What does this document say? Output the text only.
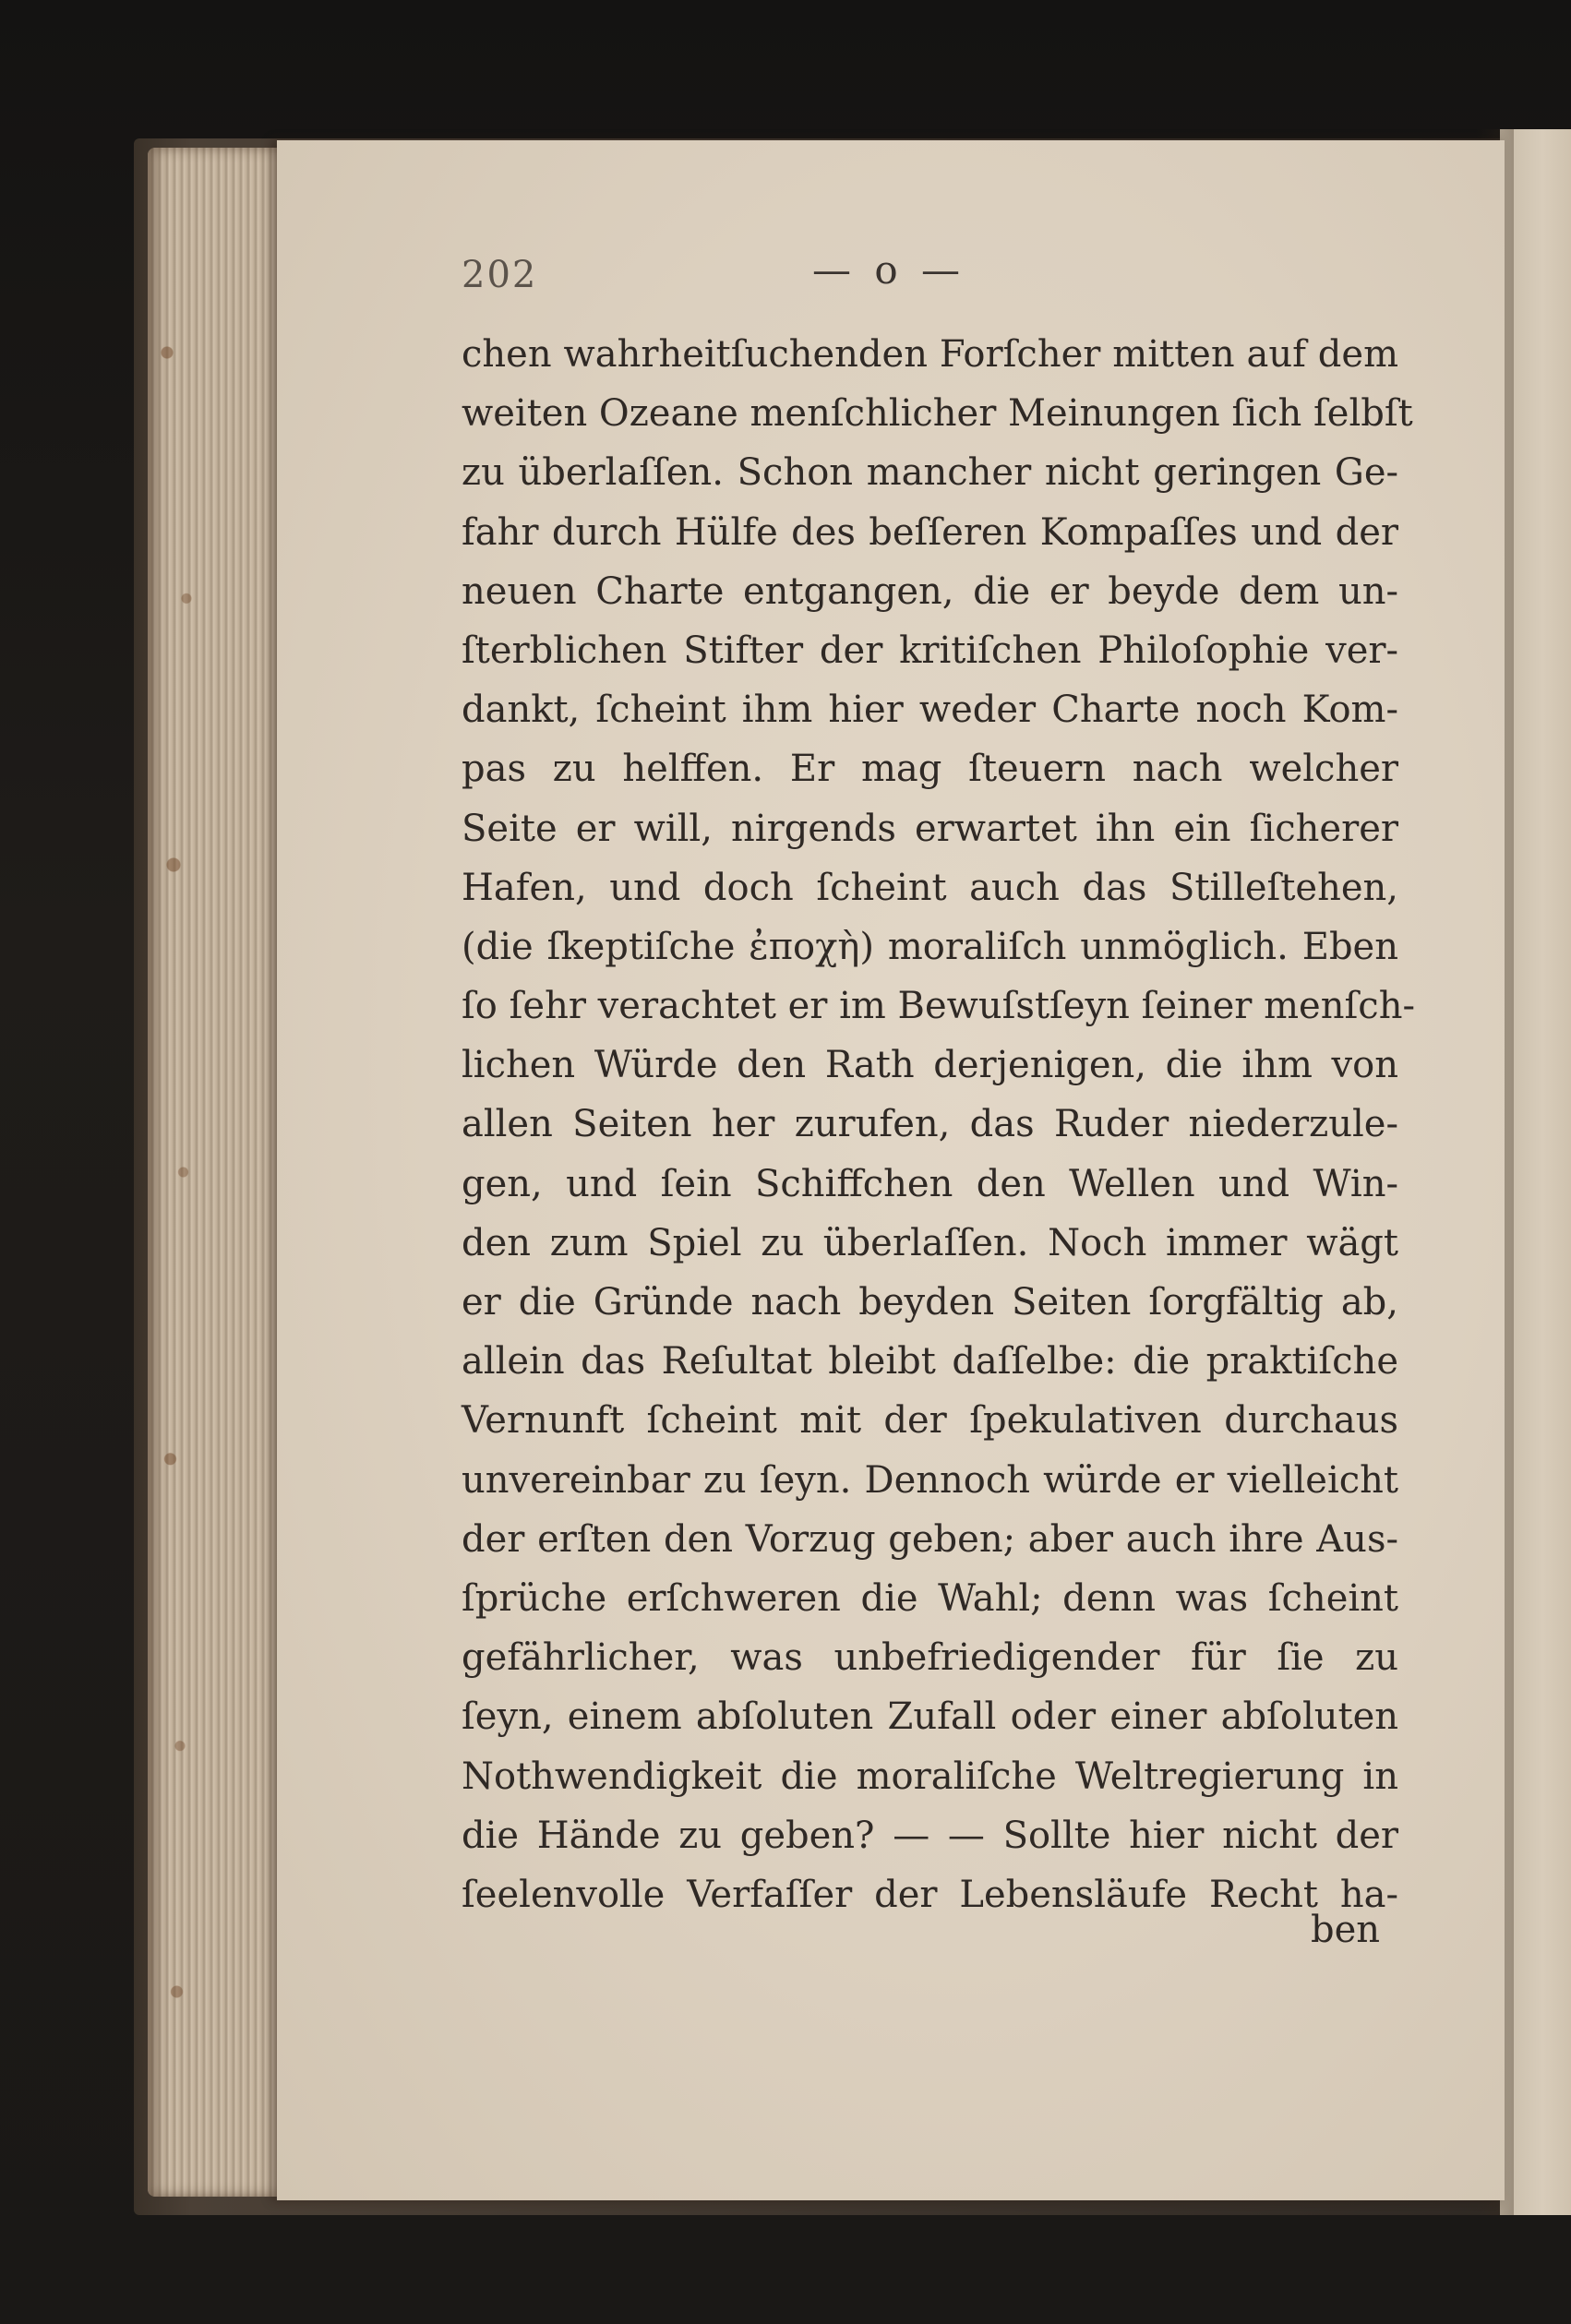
202	— o —
chen wahrheitſuchenden Forſcher mitten auf dem
weiten Ozeane menſchlicher Meinungen ſich ſelbſt
zu überlaſſen. Schon mancher nicht geringen Ge-
fahr durch Hülfe des beſſeren Kompaſſes und der
neuen Charte entgangen, die er beyde dem un-
ſterblichen Stifter der kritiſchen Philoſophie ver-
dankt, ſcheint ihm hier weder Charte noch Kom-
pas zu helffen. Er mag ſteuern nach welcher
Seite er will, nirgends erwartet ihn ein ſicherer
Hafen, und doch ſcheint auch das Stilleſtehen,
(die ſkeptiſche ἐποχὴ) moraliſch unmöglich. Eben
ſo ſehr verachtet er im Bewuſstſeyn ſeiner menſch-
lichen Würde den Rath derjenigen, die ihm von
allen Seiten her zurufen, das Ruder niederzule-
gen, und ſein Schiffchen den Wellen und Win-
den zum Spiel zu überlaſſen. Noch immer wägt
er die Gründe nach beyden Seiten ſorgfältig ab,
allein das Reſultat bleibt daſſelbe: die praktiſche
Vernunft ſcheint mit der ſpekulativen durchaus
unvereinbar zu ſeyn. Dennoch würde er vielleicht
der erſten den Vorzug geben; aber auch ihre Aus-
ſprüche erſchweren die Wahl; denn was ſcheint
gefährlicher, was unbefriedigender für ſie zu
ſeyn, einem abſoluten Zufall oder einer abſoluten
Nothwendigkeit die moraliſche Weltregierung in
die Hände zu geben? — — Sollte hier nicht der
ſeelenvolle Verfaſſer der Lebensläufe Recht ha-
ben
